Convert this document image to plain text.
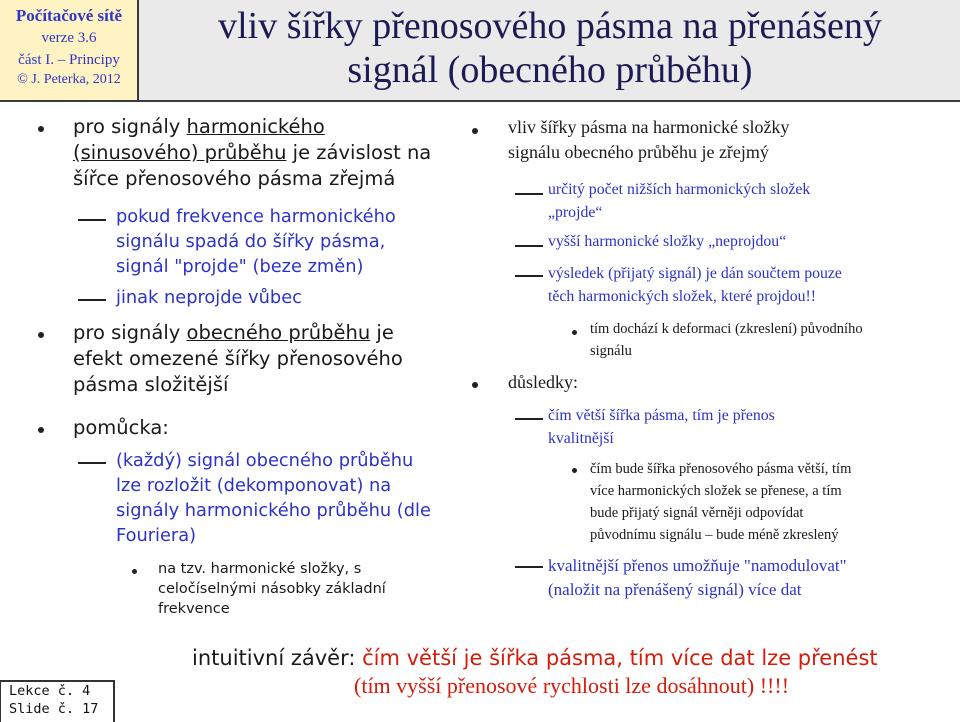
Počítačové sítě
verze 3.6
část I. – Principy
© J. Peterka, 2012
vliv šířky přenosového pásma na přenášený
signál (obecného průběhu)
pro signály harmonického
(sinusového) průběhu je závislost na
šířce přenosového pásma zřejmá
pokud frekvence harmonického
signálu spadá do šířky pásma,
signál "projde" (beze změn)
jinak neprojde vůbec
pro signály obecného průběhu je
efekt omezené šířky přenosového
pásma složitější
pomůcka:
(každý) signál obecného průběhu
lze rozložit (dekomponovat) na
signály harmonického průběhu (dle
Fouriera)
na tzv. harmonické složky, s
celočíselnými násobky základní
frekvence
vliv šířky pásma na harmonické složky
signálu obecného průběhu je zřejmý
určitý počet nižších harmonických složek
„projde“
vyšší harmonické složky „neprojdou“
výsledek (přijatý signál) je dán součtem pouze
těch harmonických složek, které projdou!!
tím dochází k deformaci (zkreslení) původního
signálu
důsledky:
čím větší šířka pásma, tím je přenos
kvalitnější
čím bude šířka přenosového pásma větší, tím
více harmonických složek se přenese, a tím
bude přijatý signál věrněji odpovídat
původnímu signálu – bude méně zkreslený
kvalitnější přenos umožňuje "namodulovat"
(naložit na přenášený signál) více dat
intuitivní závěr: čím větší je šířka pásma, tím více dat lze přenést
(tím vyšší přenosové rychlosti lze dosáhnout) !!!!
Lekce č. 4
Slide č. 17
